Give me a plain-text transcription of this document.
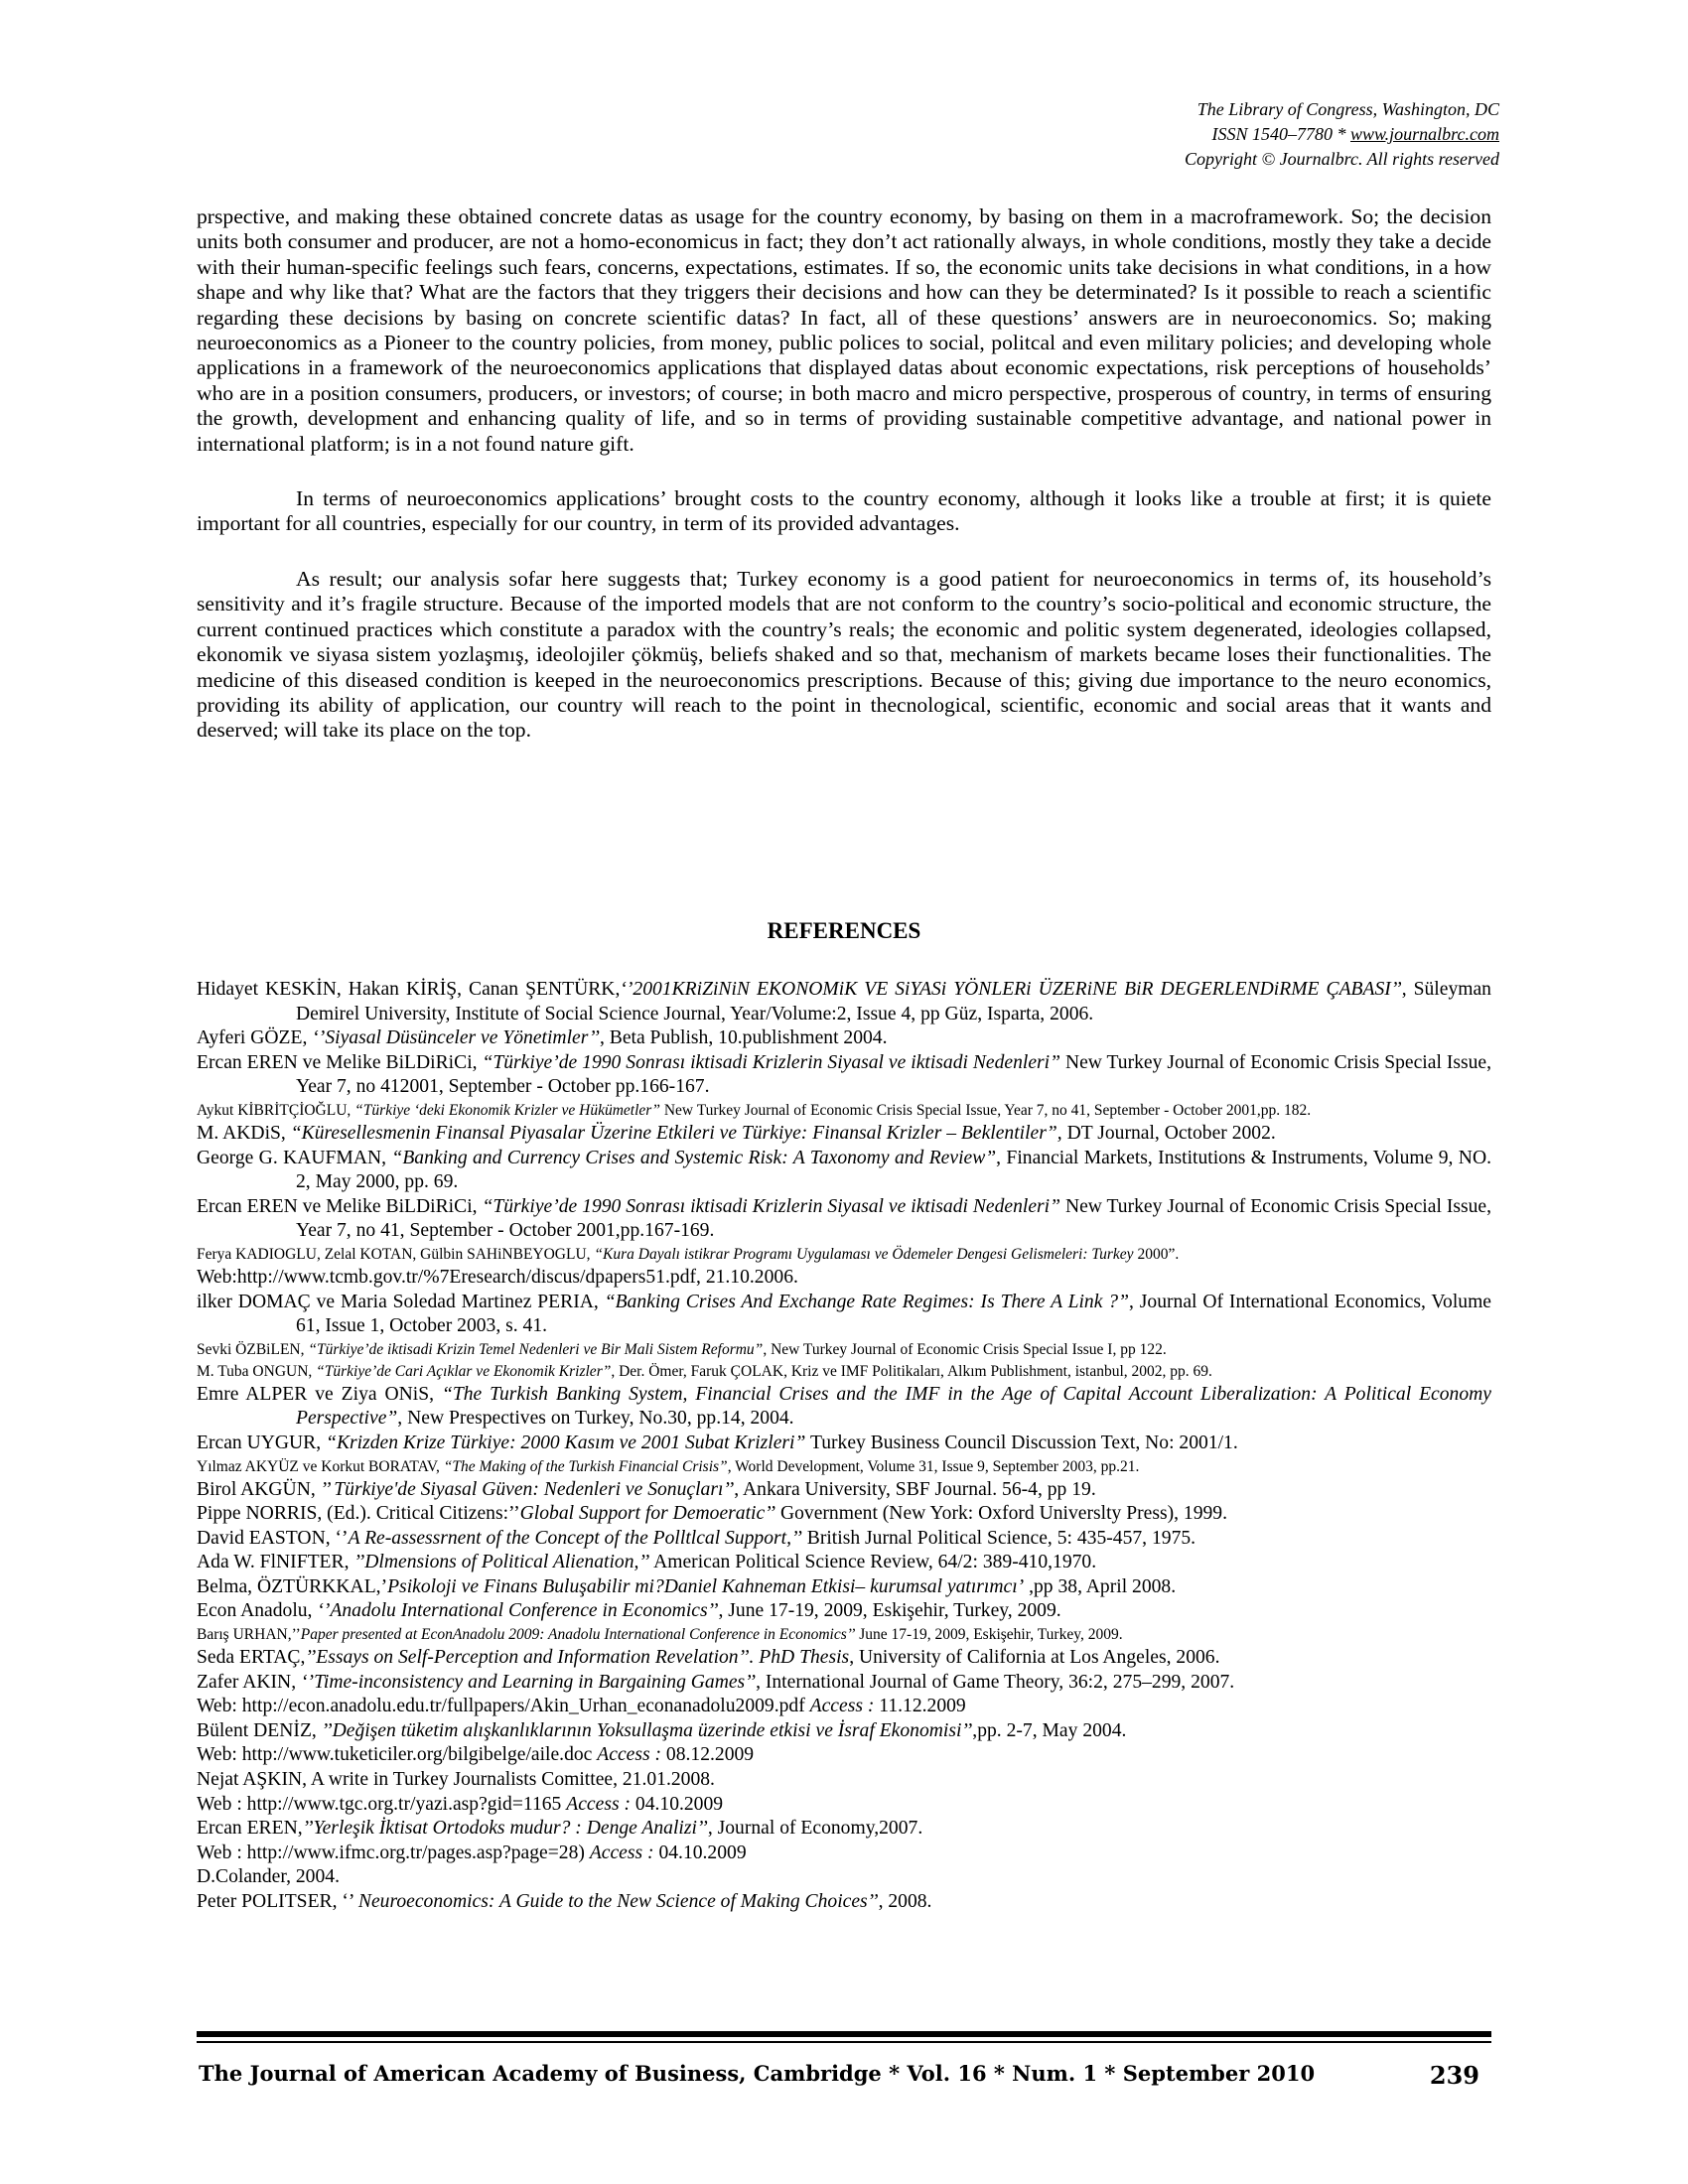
The Library of Congress, Washington, DC
ISSN 1540–7780 * www.journalbrc.com
Copyright © Journalbrc. All rights reserved

prspective, and making these obtained concrete datas as usage for the country economy, by basing on them in a macroframework. So; the decision units both consumer and producer, are not a homo-economicus in fact; they don’t act rationally always, in whole conditions, mostly they take a decide with their human-specific feelings such fears, concerns, expectations, estimates. If so, the economic units take decisions in what conditions, in a how shape and why like that? What are the factors that they triggers their decisions and how can they be determinated? Is it possible to reach a scientific regarding these decisions by basing on concrete scientific datas? In fact, all of these questions’ answers are in neuroeconomics. So; making neuroeconomics as a Pioneer to the country policies, from money, public polices to social, politcal and even military policies; and developing whole applications in a framework of the neuroeconomics applications that displayed datas about economic expectations, risk perceptions of households’ who are in a position consumers, producers, or investors; of course; in both macro and micro perspective, prosperous of country, in terms of ensuring the growth, development and enhancing quality of life, and so in terms of providing sustainable competitive advantage, and national power in international platform; is in a not found nature gift.

In terms of neuroeconomics applications’ brought costs to the country economy, although it looks like a trouble at first; it is quiete important for all countries, especially for our country, in term of its provided advantages.

As result; our analysis sofar here suggests that; Turkey economy is a good patient for neuroeconomics in terms of, its household’s sensitivity and it’s fragile structure. Because of the imported models that are not conform to the country’s socio-political and economic structure, the current continued practices which constitute a paradox with the country’s reals; the economic and politic system degenerated, ideologies collapsed, ekonomik ve siyasa sistem yozlaşmış, ideolojiler çökmüş, beliefs shaked and so that, mechanism of markets became loses their functionalities. The medicine of this diseased condition is keeped in the neuroeconomics prescriptions. Because of this; giving due importance to the neuro economics, providing its ability of application, our country will reach to the point in thecnological, scientific, economic and social areas that it wants and deserved; will take its place on the top.

REFERENCES

Hidayet KESKİN, Hakan KİRİŞ, Canan ŞENTÜRK,‘’2001KRiZiNiN EKONOMiK VE SiYASi YÖNLERi ÜZERiNE BiR DEGERLENDiRME ÇABASI’’, Süleyman Demirel University, Institute of Social Science Journal, Year/Volume:2, Issue 4, pp Güz, Isparta, 2006.

Ayferi GÖZE, ‘’Siyasal Düsünceler ve Yönetimler’’, Beta Publish, 10.publishment 2004.

Ercan EREN ve Melike BiLDiRiCi, “Türkiye’de 1990 Sonrası iktisadi Krizlerin Siyasal ve iktisadi Nedenleri” New Turkey Journal of Economic Crisis Special Issue, Year 7, no 412001, September - October pp.166-167.

Aykut KİBRİTÇİOĞLU, “Türkiye ‘deki Ekonomik Krizler ve Hükümetler” New Turkey Journal of Economic Crisis Special Issue, Year 7, no 41, September - October 2001,pp. 182.

M. AKDiS, “Küresellesmenin Finansal Piyasalar Üzerine Etkileri ve Türkiye: Finansal Krizler – Beklentiler”, DT Journal, October 2002.

George G. KAUFMAN, “Banking and Currency Crises and Systemic Risk: A Taxonomy and Review”, Financial Markets, Institutions & Instruments, Volume 9, NO. 2, May 2000, pp. 69.

Ercan EREN ve Melike BiLDiRiCi, “Türkiye’de 1990 Sonrası iktisadi Krizlerin Siyasal ve iktisadi Nedenleri” New Turkey Journal of Economic Crisis Special Issue, Year 7, no 41, September - October 2001,pp.167-169.

Ferya KADIOGLU, Zelal KOTAN, Gülbin SAHiNBEYOGLU, “Kura Dayalı istikrar Programı Uygulaması ve Ödemeler Dengesi Gelismeleri: Turkey 2000”.

Web:http://www.tcmb.gov.tr/%7Eresearch/discus/dpapers51.pdf, 21.10.2006.

ilker DOMAÇ ve Maria Soledad Martinez PERIA, “Banking Crises And Exchange Rate Regimes: Is There A Link ?”, Journal Of International Economics, Volume 61, Issue 1, October 2003, s. 41.

Sevki ÖZBiLEN, “Türkiye’de iktisadi Krizin Temel Nedenleri ve Bir Mali Sistem Reformu”, New Turkey Journal of Economic Crisis Special Issue I, pp 122.

M. Tuba ONGUN, “Türkiye’de Cari Açıklar ve Ekonomik Krizler”, Der. Ömer, Faruk ÇOLAK, Kriz ve IMF Politikaları, Alkım Publishment, istanbul, 2002, pp. 69.

Emre ALPER ve Ziya ONiS, “The Turkish Banking System, Financial Crises and the IMF in the Age of Capital Account Liberalization: A Political Economy Perspective”, New Prespectives on Turkey, No.30, pp.14, 2004.

Ercan UYGUR, “Krizden Krize Türkiye: 2000 Kasım ve 2001 Subat Krizleri” Turkey Business Council Discussion Text, No: 2001/1.

Yılmaz AKYÜZ ve Korkut BORATAV, “The Making of the Turkish Financial Crisis”, World Development, Volume 31, Issue 9, September 2003, pp.21.

Birol AKGÜN, ’’ Türkiye'de Siyasal Güven: Nedenleri ve Sonuçları’’, Ankara University, SBF Journal. 56-4, pp 19.

Pippe NORRIS, (Ed.). Critical Citizens:’’Global Support for Demoeratic’’ Government (New York: Oxford Universlty Press), 1999.

David EASTON, ‘’A Re-assessrnent of the Concept of the Polltlcal Support,’’ British Jurnal Political Science, 5: 435-457, 1975.

Ada W. FlNIFTER, ’’Dlmensions of Political Alienation,’’ American Political Science Review, 64/2: 389-410,1970.

Belma, ÖZTÜRKKAL,’Psikoloji ve Finans Buluşabilir mi?Daniel Kahneman Etkisi– kurumsal yatırımcı’ ,pp 38, April 2008.

Econ Anadolu, ‘’Anadolu International Conference in Economics’’, June 17-19, 2009, Eskişehir, Turkey, 2009.

Barış URHAN,’’Paper presented at EconAnadolu 2009: Anadolu International Conference in Economics’’ June 17-19, 2009, Eskişehir, Turkey, 2009.

Seda ERTAÇ,’’Essays on Self-Perception and Information Revelation’’. PhD Thesis, University of California at Los Angeles, 2006.

Zafer AKIN, ‘’Time-inconsistency and Learning in Bargaining Games’’, International Journal of Game Theory, 36:2, 275–299, 2007.

Web: http://econ.anadolu.edu.tr/fullpapers/Akin_Urhan_econanadolu2009.pdf Access : 11.12.2009

Bülent DENİZ, ’’Değişen tüketim alışkanlıklarının Yoksullaşma üzerinde etkisi ve İsraf Ekonomisi’’,pp. 2-7, May 2004.

Web: http://www.tuketiciler.org/bilgibelge/aile.doc Access : 08.12.2009

Nejat AŞKIN, A write in Turkey Journalists Comittee, 21.01.2008.

Web : http://www.tgc.org.tr/yazi.asp?gid=1165 Access : 04.10.2009

Ercan EREN,’’Yerleşik İktisat Ortodoks mudur? : Denge Analizi’’, Journal of Economy,2007.

Web : http://www.ifmc.org.tr/pages.asp?page=28) Access : 04.10.2009

D.Colander, 2004.

Peter POLITSER, ‘’ Neuroeconomics: A Guide to the New Science of Making Choices’’, 2008.

The Journal of American Academy of Business, Cambridge * Vol. 16 * Num. 1 * September 2010	239
